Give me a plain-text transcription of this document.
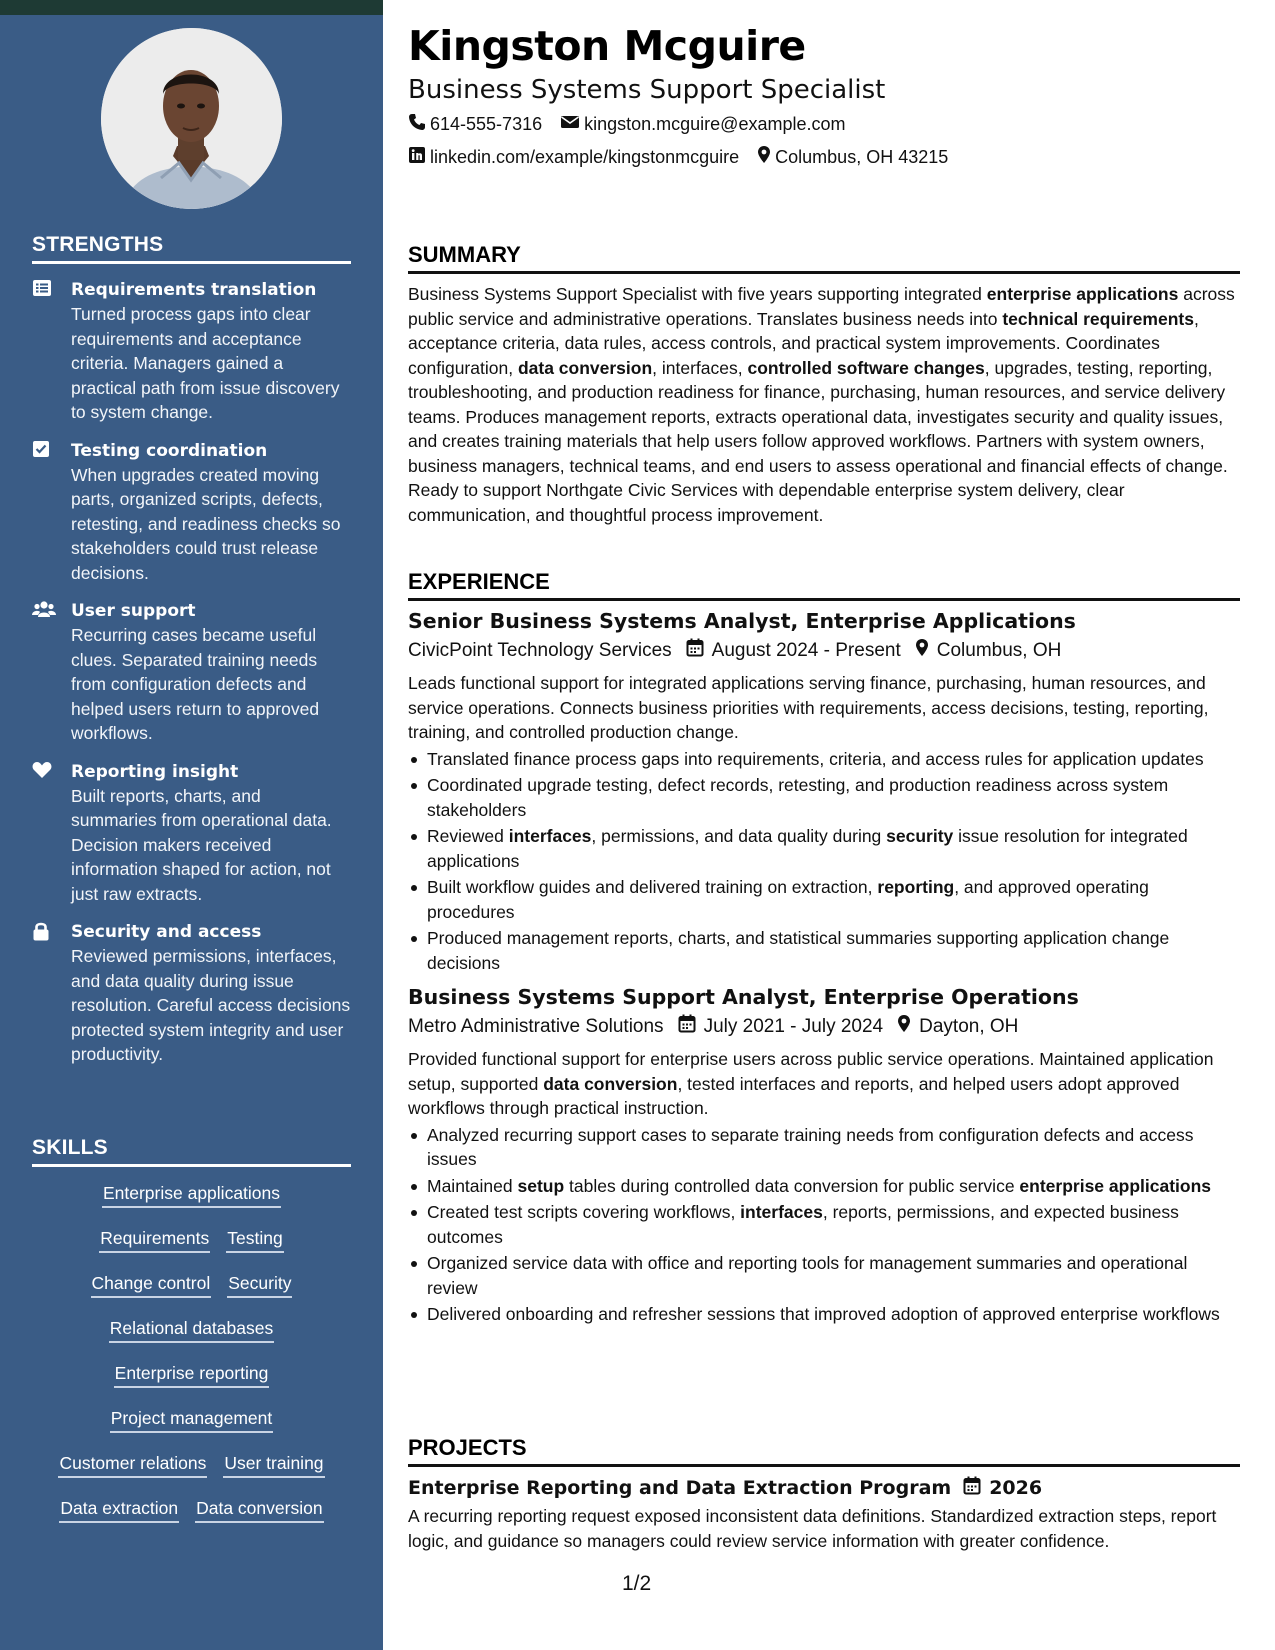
STRENGTHS
Requirements translation
Turned process gaps into clear requirements and acceptance criteria. Managers gained a practical path from issue discovery to system change.
Testing coordination
When upgrades created moving parts, organized scripts, defects, retesting, and readiness checks so stakeholders could trust release decisions.
User support
Recurring cases became useful clues. Separated training needs from configuration defects and helped users return to approved workflows.
Reporting insight
Built reports, charts, and summaries from operational data. Decision makers received information shaped for action, not just raw extracts.
Security and access
Reviewed permissions, interfaces, and data quality during issue resolution. Careful access decisions protected system integrity and user productivity.
SKILLS
Enterprise applications
Requirements Testing
Change control Security
Relational databases
Enterprise reporting
Project management
Customer relations User training
Data extraction Data conversion
Kingston Mcguire
Business Systems Support Specialist
614-555-7316 kingston.mcguire@example.com
linkedin.com/example/kingstonmcguire Columbus, OH 43215
SUMMARY
Business Systems Support Specialist with five years supporting integrated enterprise applications across public service and administrative operations. Translates business needs into technical requirements, acceptance criteria, data rules, access controls, and practical system improvements. Coordinates configuration, data conversion, interfaces, controlled software changes, upgrades, testing, reporting, troubleshooting, and production readiness for finance, purchasing, human resources, and service delivery teams. Produces management reports, extracts operational data, investigates security and quality issues, and creates training materials that help users follow approved workflows. Partners with system owners, business managers, technical teams, and end users to assess operational and financial effects of change. Ready to support Northgate Civic Services with dependable enterprise system delivery, clear communication, and thoughtful process improvement.
EXPERIENCE
Senior Business Systems Analyst, Enterprise Applications
CivicPoint Technology Services August 2024 - Present Columbus, OH
Leads functional support for integrated applications serving finance, purchasing, human resources, and service operations. Connects business priorities with requirements, access decisions, testing, reporting, training, and controlled production change.
Translated finance process gaps into requirements, criteria, and access rules for application updates
Coordinated upgrade testing, defect records, retesting, and production readiness across system stakeholders
Reviewed interfaces, permissions, and data quality during security issue resolution for integrated applications
Built workflow guides and delivered training on extraction, reporting, and approved operating procedures
Produced management reports, charts, and statistical summaries supporting application change decisions
Business Systems Support Analyst, Enterprise Operations
Metro Administrative Solutions July 2021 - July 2024 Dayton, OH
Provided functional support for enterprise users across public service operations. Maintained application setup, supported data conversion, tested interfaces and reports, and helped users adopt approved workflows through practical instruction.
Analyzed recurring support cases to separate training needs from configuration defects and access issues
Maintained setup tables during controlled data conversion for public service enterprise applications
Created test scripts covering workflows, interfaces, reports, permissions, and expected business outcomes
Organized service data with office and reporting tools for management summaries and operational review
Delivered onboarding and refresher sessions that improved adoption of approved enterprise workflows
PROJECTS
Enterprise Reporting and Data Extraction Program 2026
A recurring reporting request exposed inconsistent data definitions. Standardized extraction steps, report logic, and guidance so managers could review service information with greater confidence.
1/2
